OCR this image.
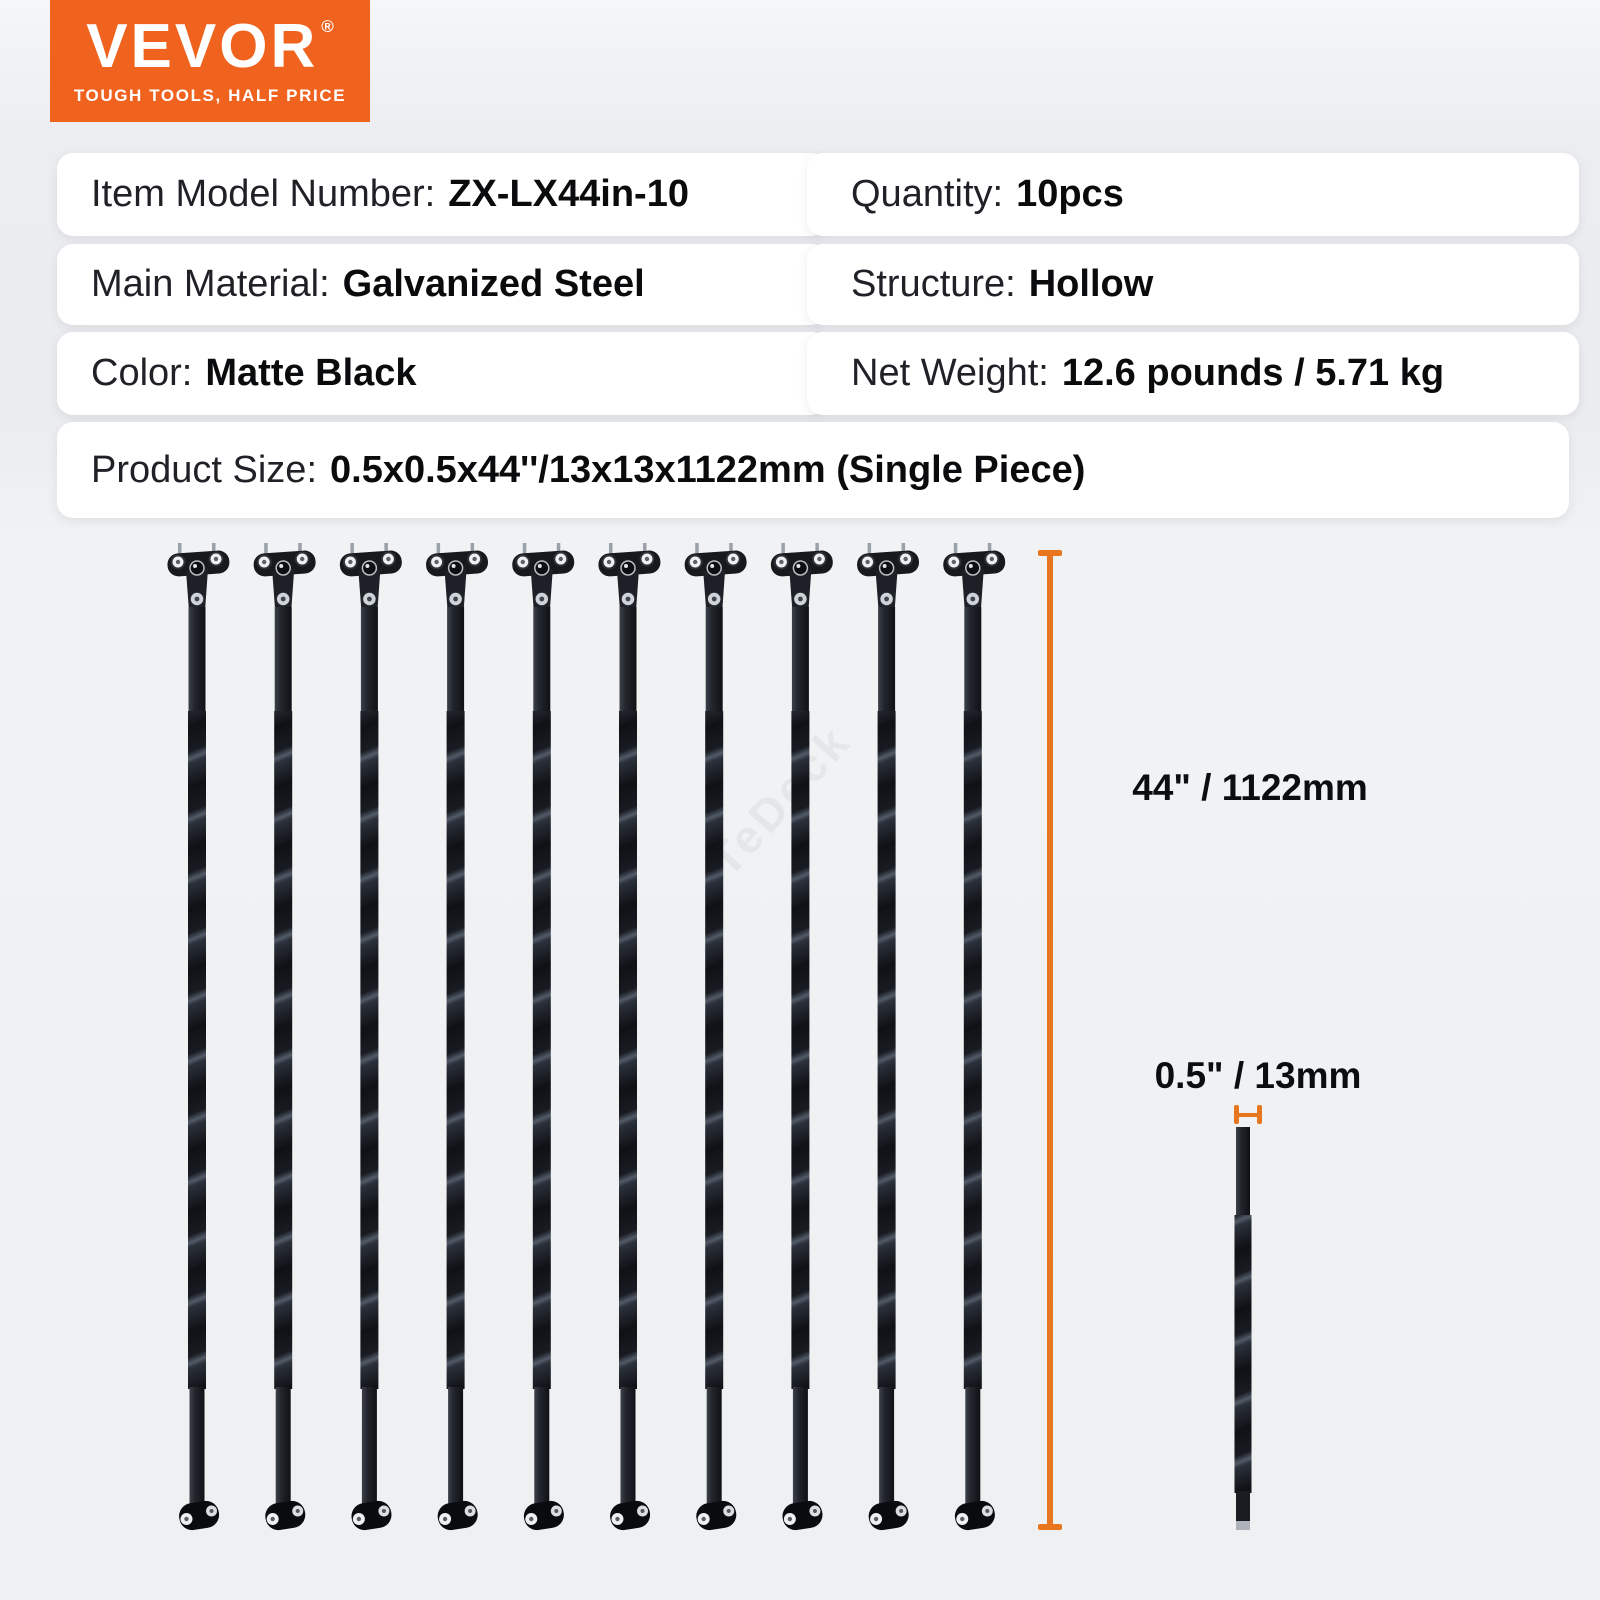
VEVOR ®
TOUGH TOOLS, HALF PRICE
Item Model Number: ZX-LX44in-10	Quantity: 10pcs
Main Material: Galvanized Steel	Structure: Hollow
Color: Matte Black	Net Weight: 12.6 pounds / 5.71 kg
Product Size: 0.5x0.5x44''/13x13x1122mm (Single Piece)
44" / 1122mm
0.5" / 13mm
TeDeck
